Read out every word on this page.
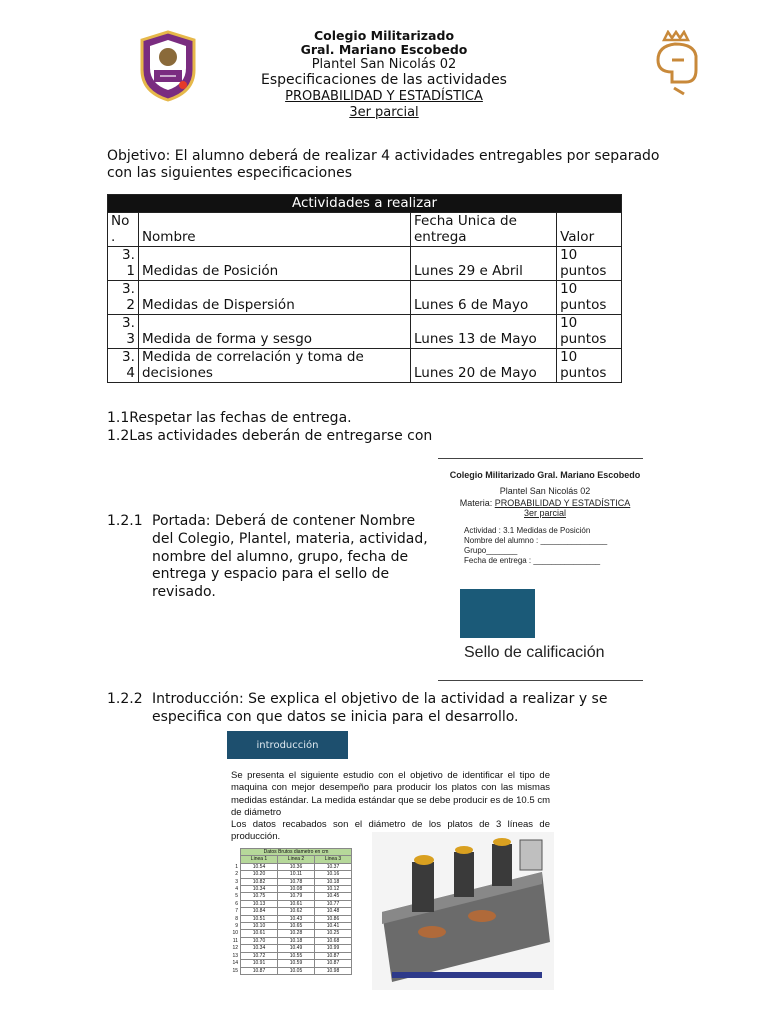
Colegio Militarizado
Gral. Mariano Escobedo
Plantel San Nicolás 02
Especificaciones de las actividades
PROBABILIDAD Y ESTADÍSTICA
3er parcial
Objetivo: El alumno deberá de realizar 4 actividades entregables por separado con las siguientes especificaciones
Actividades a realizar			
No .	Nombre	Fecha Unica de entrega	Valor
3. 1	Medidas de Posición	Lunes 29 e Abril	10 puntos
3. 2	Medidas de Dispersión	Lunes 6 de Mayo	10 puntos
3. 3	Medida de forma y sesgo	Lunes 13 de Mayo	10 puntos
3. 4	Medida de correlación y toma de decisiones	Lunes 20 de Mayo	10 puntos
1.1Respetar las fechas de entrega.
1.2Las actividades deberán de entregarse con
1.2.1 Portada: Deberá de contener Nombre del Colegio, Plantel, materia, actividad, nombre del alumno, grupo, fecha de entrega y espacio para el sello de revisado.
Colegio Militarizado Gral. Mariano Escobedo
Plantel San Nicolás 02
Materia: PROBABILIDAD Y ESTADÍSTICA
3er parcial
Actividad : 3.1 Medidas de Posición
Nombre del alumno : _______________
Grupo_______
Fecha de entrega : _______________
Sello de calificación
1.2.2 Introducción: Se explica el objetivo de la actividad a realizar y se especifica con que datos se inicia para el desarrollo.
introducción
Se presenta el siguiente estudio con el objetivo de identificar el tipo de maquina con mejor desempeño para producir los platos con las mismas medidas estándar. La medida estándar que se debe producir es de 10.5 cm de diámetro
Los datos recabados son el diámetro de los platos de 3 líneas de producción.
	Datos Brutos diametro en cm		
	Linea 1	Linea 2	Linea 3
1	10.54	10.36	10.37
2	10.20	10.11	10.16
3	10.82	10.78	10.18
4	10.34	10.08	10.12
5	10.75	10.79	10.45
6	10.13	10.61	10.77
7	10.84	10.62	10.48
8	10.51	10.43	10.86
9	10.10	10.65	10.41
10	10.61	10.28	10.25
11	10.70	10.18	10.68
12	10.34	10.49	10.99
13	10.72	10.55	10.87
14	10.91	10.59	10.87
15	10.87	10.05	10.98
